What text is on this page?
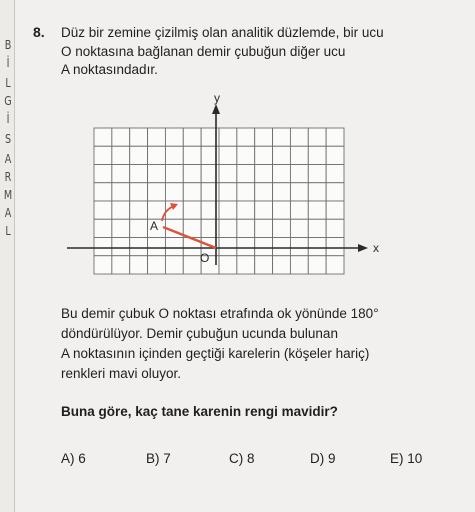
B
İ
L
G
İ
S
A
R
M
A
L
8. Düz bir zemine çizilmiş olan analitik düzlemde, bir ucu
O noktasına bağlanan demir çubuğun diğer ucu
A noktasındadır.
x
y
O
A
Bu demir çubuk O noktası etrafında ok yönünde 180°
döndürülüyor. Demir çubuğun ucunda bulunan
A noktasının içinden geçtiği karelerin (köşeler hariç)
renkleri mavi oluyor.
Buna göre, kaç tane karenin rengi mavidir?
A) 6	B) 7	C) 8	D) 9	E) 10
